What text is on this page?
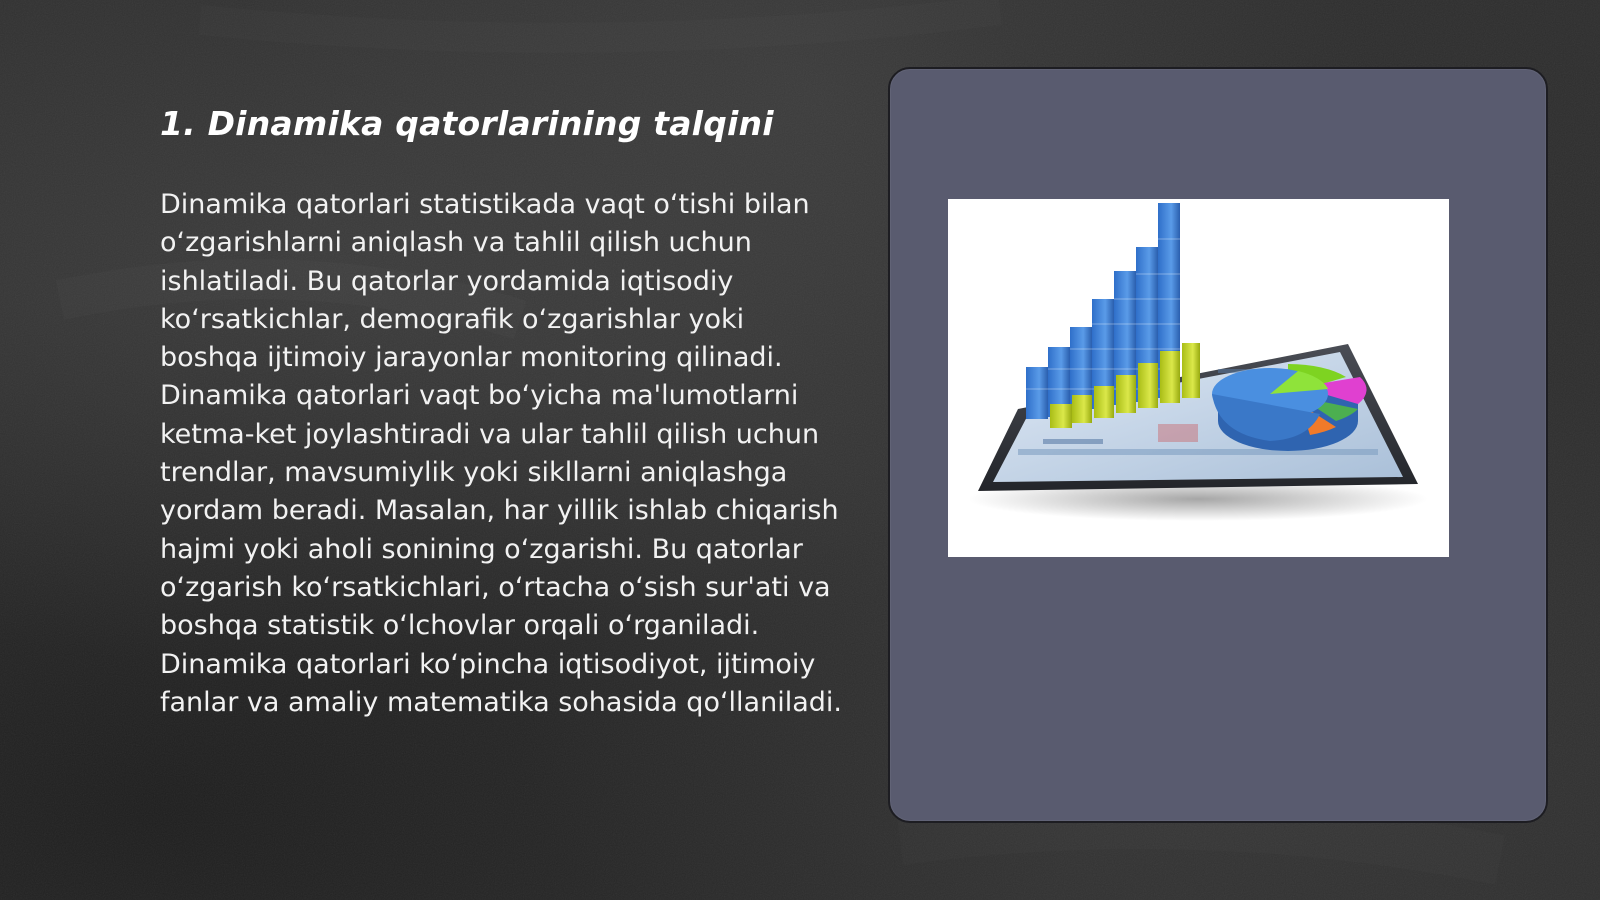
1. Dinamika qatorlarining talqini

Dinamika qatorlari statistikada vaqt o‘tishi bilan o‘zgarishlarni aniqlash va tahlil qilish uchun ishlatiladi. Bu qatorlar yordamida iqtisodiy ko‘rsatkichlar, demografik o‘zgarishlar yoki boshqa ijtimoiy jarayonlar monitoring qilinadi. Dinamika qatorlari vaqt bo‘yicha ma'lumotlarni ketma-ket joylashtiradi va ular tahlil qilish uchun trendlar, mavsumiylik yoki sikllarni aniqlashga yordam beradi. Masalan, har yillik ishlab chiqarish hajmi yoki aholi sonining o‘zgarishi. Bu qatorlar o‘zgarish ko‘rsatkichlari, o‘rtacha o‘sish sur'ati va boshqa statistik o‘lchovlar orqali o‘rganiladi. Dinamika qatorlari ko‘pincha iqtisodiyot, ijtimoiy fanlar va amaliy matematika sohasida qo‘llaniladi.
